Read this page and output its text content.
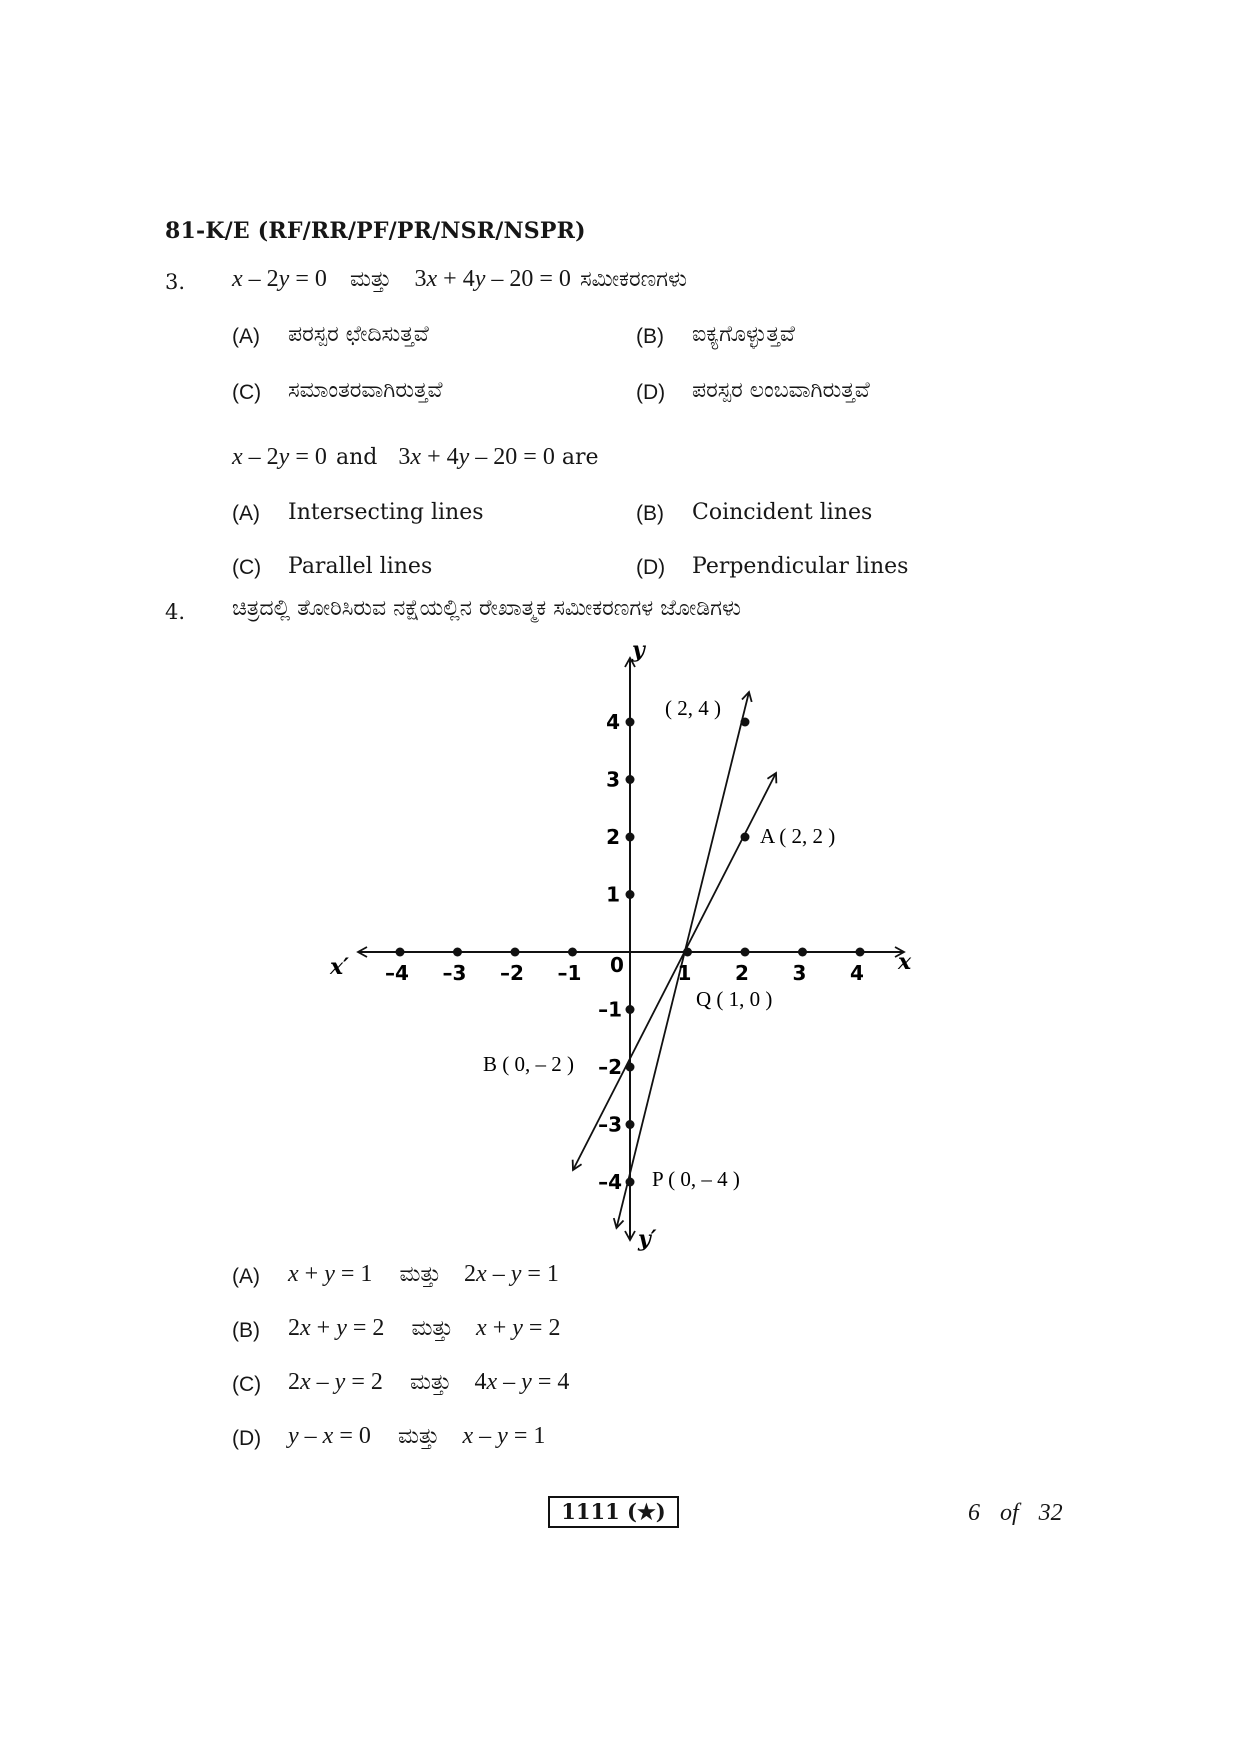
81-K/E (RF/RR/PF/PR/NSR/NSPR)
3. x – 2y = 0 ಮತ್ತು 3x + 4y – 20 = 0 ಸಮೀಕರಣಗಳು
(A) ಪರಸ್ಪರ ಛೇದಿಸುತ್ತವೆ	(B) ಐಕ್ಯಗೊಳ್ಳುತ್ತವೆ
(C) ಸಮಾಂತರವಾಗಿರುತ್ತವೆ	(D) ಪರಸ್ಪರ ಲಂಬವಾಗಿರುತ್ತವೆ
x – 2y = 0 and 3x + 4y – 20 = 0 are
(A) Intersecting lines	(B) Coincident lines
(C) Parallel lines	(D) Perpendicular lines
4. ಚಿತ್ರದಲ್ಲಿ ತೋರಿಸಿರುವ ನಕ್ಷೆಯಲ್ಲಿನ ರೇಖಾತ್ಮಕ ಸಮೀಕರಣಗಳ ಜೋಡಿಗಳು
–4 –3 –2 –1	1 2 3 4
4
3
2
1
–1
–2
–3
–4
x
x′
y
y′
0
( 2, 4 )
A ( 2, 2 )
Q ( 1, 0 )
B ( 0, – 2 )
P ( 0, – 4 )
(A) x + y = 1 ಮತ್ತು 2x – y = 1
(B) 2x + y = 2 ಮತ್ತು x + y = 2
(C) 2x – y = 2 ಮತ್ತು 4x – y = 4
(D) y – x = 0 ಮತ್ತು x – y = 1
1111 (★)	6 of 32
